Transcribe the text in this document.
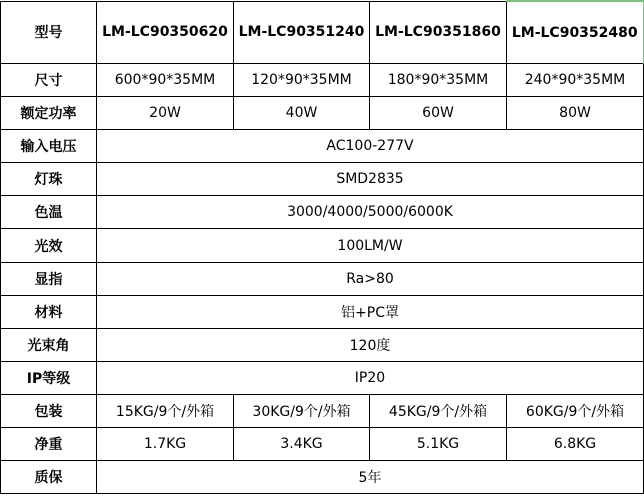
型号	LM-LC90350620	LM-LC90351240	LM-LC90351860	LM-LC90352480
尺寸	600*90*35MM	120*90*35MM	180*90*35MM	240*90*35MM
额定功率	20W	40W	60W	80W
输入电压	AC100-277V			
灯珠	SMD2835			
色温	3000/4000/5000/6000K			
光效	100LM/W			
显指	Ra>80			
材料	铝+PC罩			
光束角	120度			
IP等级	IP20			
包装	15KG/9个/外箱	30KG/9个/外箱	45KG/9个/外箱	60KG/9个/外箱
净重	1.7KG	3.4KG	5.1KG	6.8KG
质保	5年			
